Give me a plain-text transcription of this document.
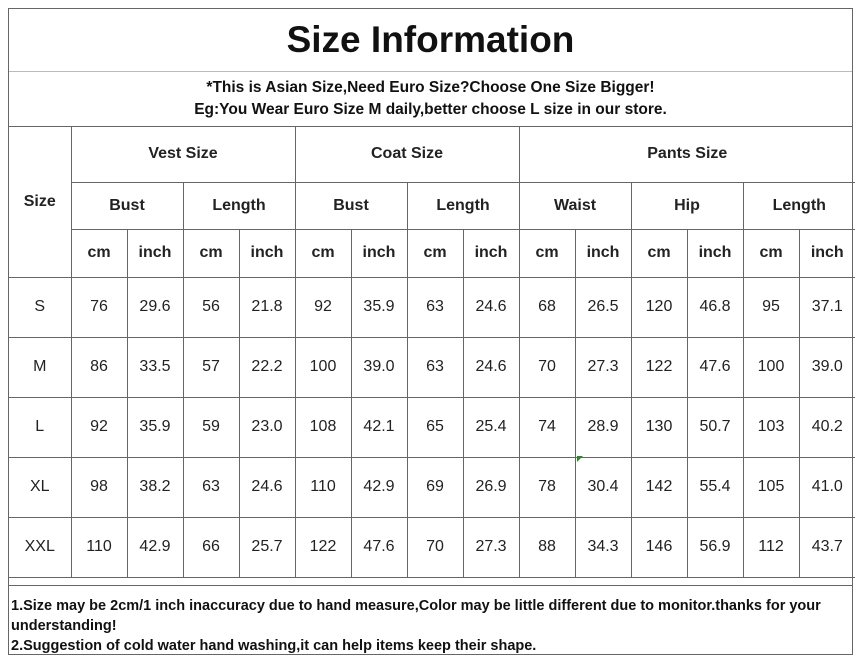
Size Information
*This is Asian Size,Need Euro Size?Choose One Size Bigger!
Eg:You Wear Euro Size M daily,better choose L size in our store.
Size	Vest Size				Coat Size				Pants Size					
	Bust		Length		Bust		Length		Waist		Hip		Length	
	cm	inch	cm	inch	cm	inch	cm	inch	cm	inch	cm	inch	cm	inch
S	76	29.6	56	21.8	92	35.9	63	24.6	68	26.5	120	46.8	95	37.1
M	86	33.5	57	22.2	100	39.0	63	24.6	70	27.3	122	47.6	100	39.0
L	92	35.9	59	23.0	108	42.1	65	25.4	74	28.9	130	50.7	103	40.2
XL	98	38.2	63	24.6	110	42.9	69	26.9	78	30.4	142	55.4	105	41.0
XXL	110	42.9	66	25.7	122	47.6	70	27.3	88	34.3	146	56.9	112	43.7
1.Size may be 2cm/1 inch inaccuracy due to hand measure,Color may be little different due to monitor.thanks for your understanding!
2.Suggestion of cold water hand washing,it can help items keep their shape.
